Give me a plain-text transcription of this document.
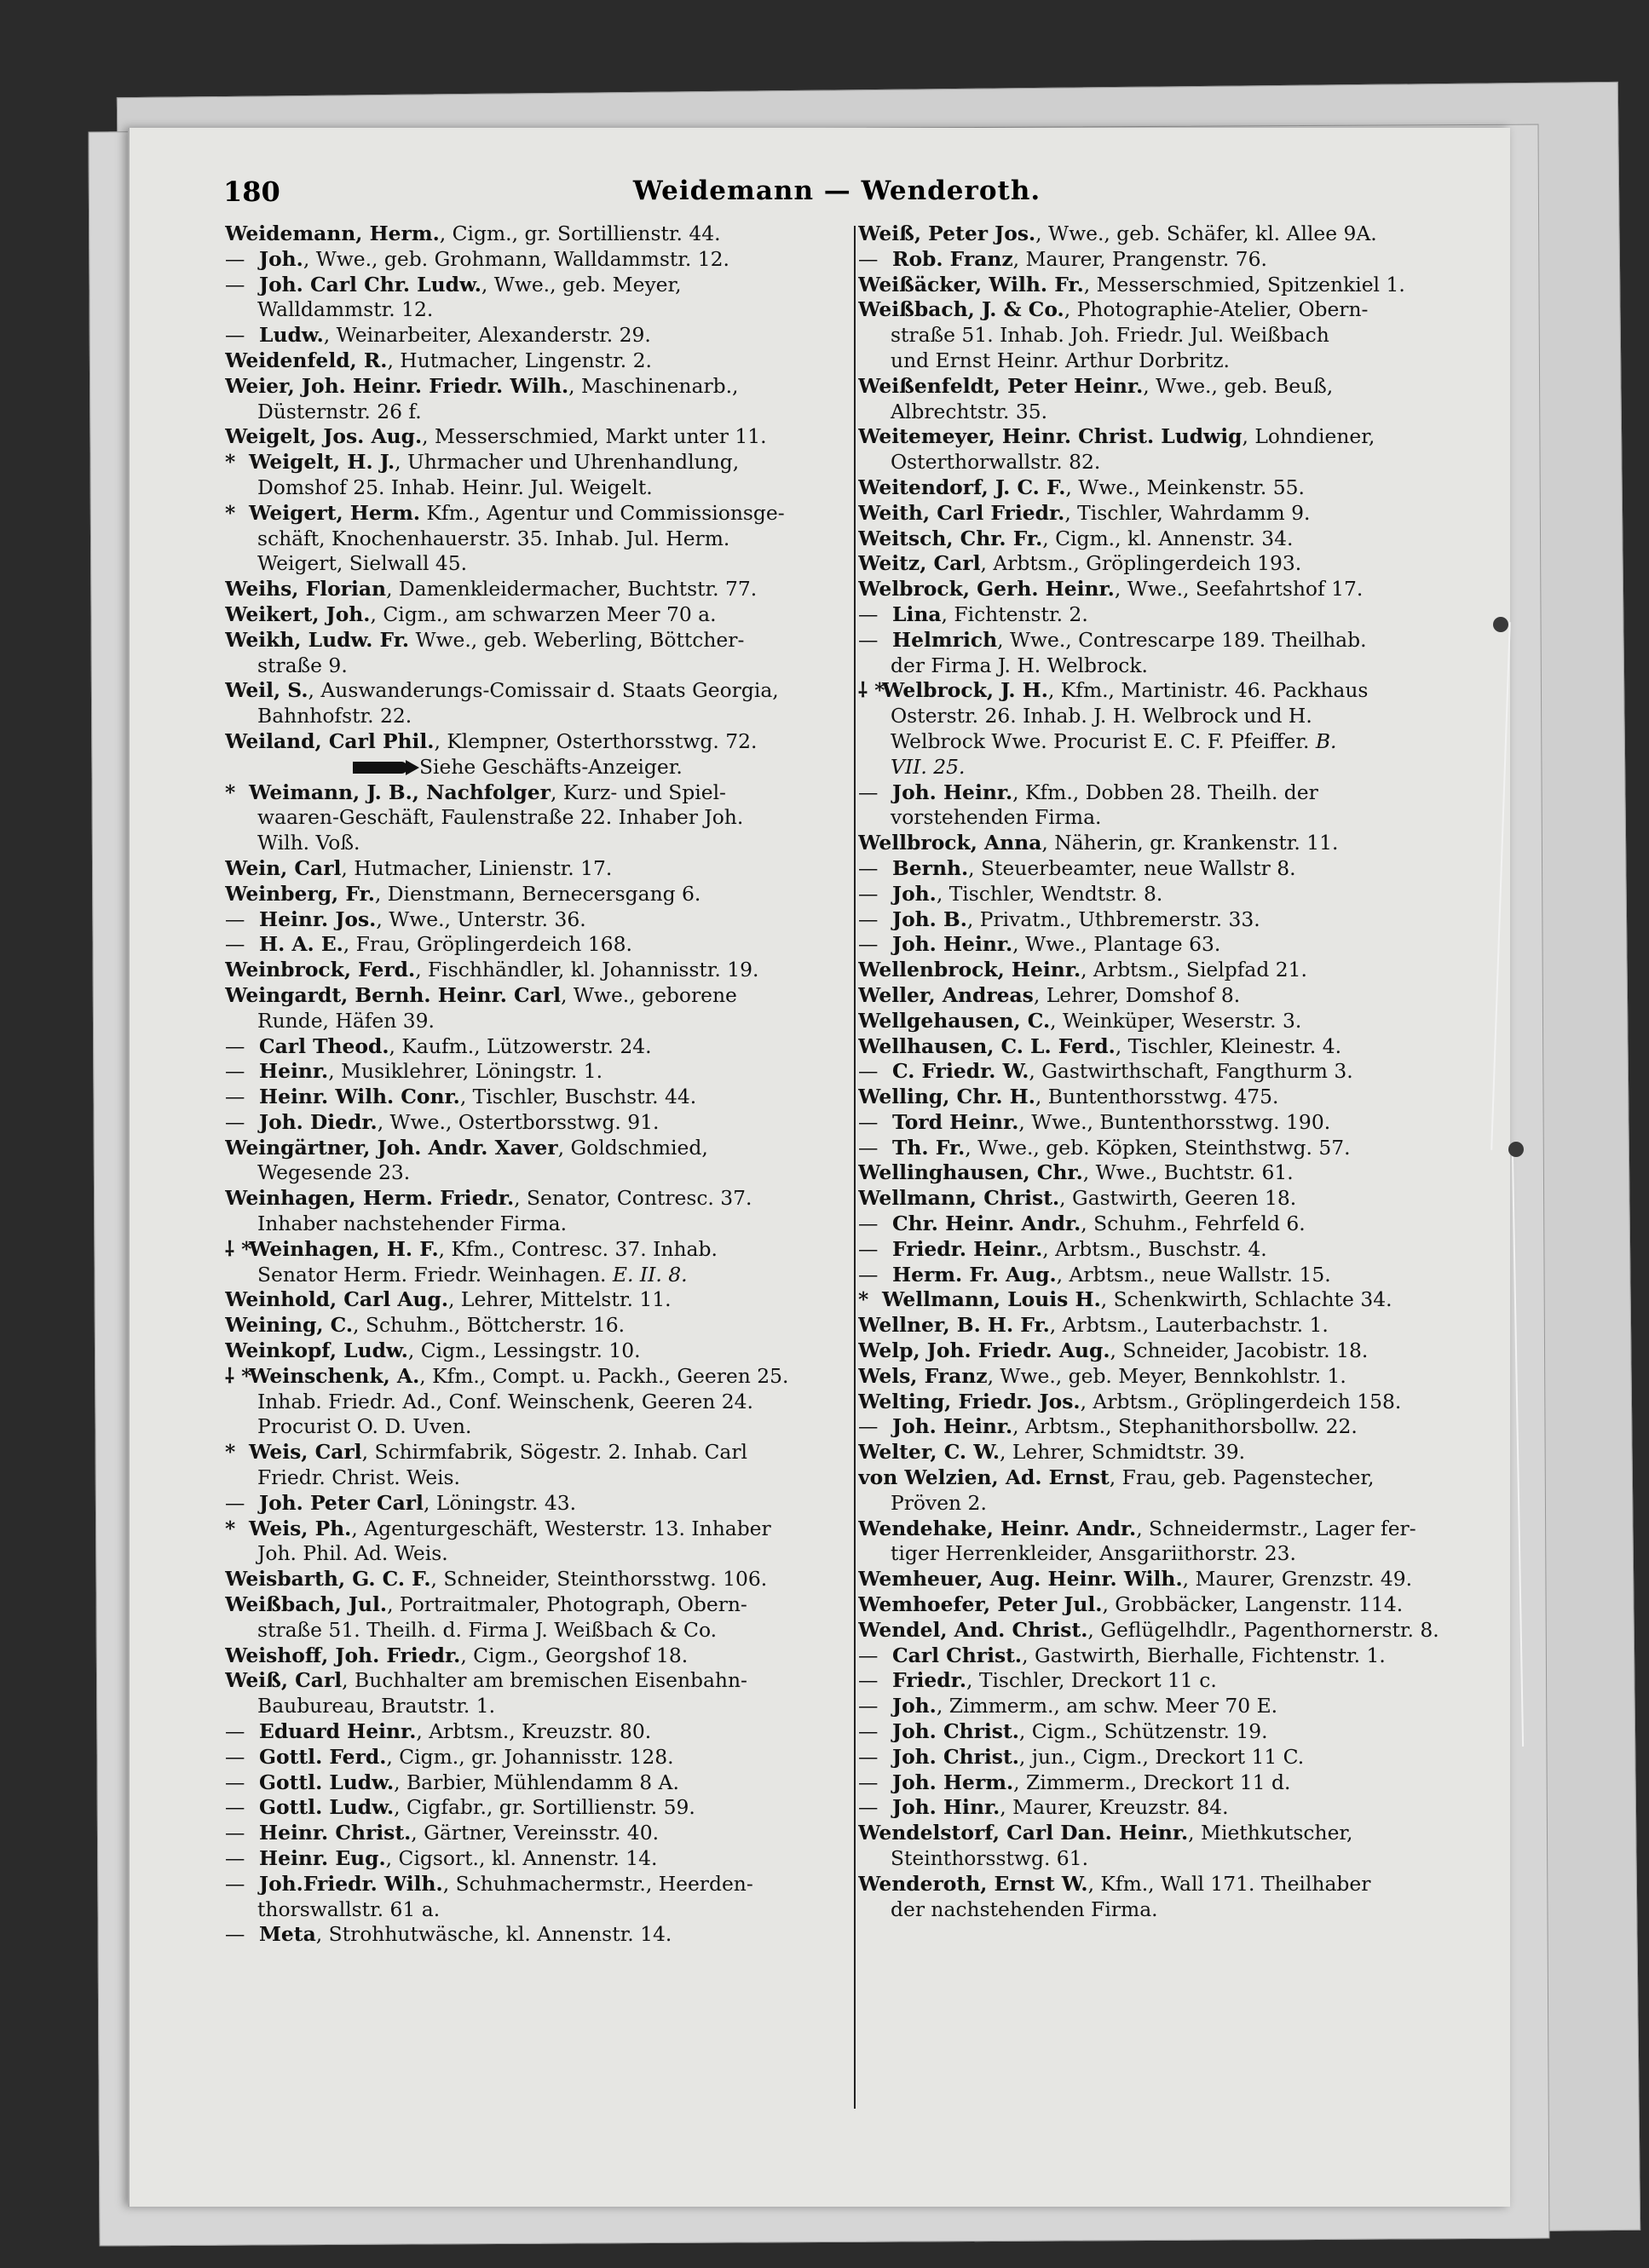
180	Weidemann — Wenderoth.
Weidemann, Herm., Cigm., gr. Sortillienstr. 44.
— Joh., Wwe., geb. Grohmann, Walldammstr. 12.
— Joh. Carl Chr. Ludw., Wwe., geb. Meyer,
Walldammstr. 12.
— Ludw., Weinarbeiter, Alexanderstr. 29.
Weidenfeld, R., Hutmacher, Lingenstr. 2.
Weier, Joh. Heinr. Friedr. Wilh., Maschinenarb.,
Düsternstr. 26 f.
Weigelt, Jos. Aug., Messerschmied, Markt unter 11.
* Weigelt, H. J., Uhrmacher und Uhrenhandlung,
Domshof 25. Inhab. Heinr. Jul. Weigelt.
* Weigert, Herm. Kfm., Agentur und Commissionsge-
schäft, Knochenhauerstr. 35. Inhab. Jul. Herm.
Weigert, Sielwall 45.
Weihs, Florian, Damenkleidermacher, Buchtstr. 77.
Weikert, Joh., Cigm., am schwarzen Meer 70 a.
Weikh, Ludw. Fr. Wwe., geb. Weberling, Böttcher-
straße 9.
Weil, S., Auswanderungs-Comissair d. Staats Georgia,
Bahnhofstr. 22.
Weiland, Carl Phil., Klempner, Osterthorsstwg. 72.
Siehe Geschäfts-Anzeiger.
* Weimann, J. B., Nachfolger, Kurz- und Spiel-
waaren-Geschäft, Faulenstraße 22. Inhaber Joh.
Wilh. Voß.
Wein, Carl, Hutmacher, Linienstr. 17.
Weinberg, Fr., Dienstmann, Bernecersgang 6.
— Heinr. Jos., Wwe., Unterstr. 36.
— H. A. E., Frau, Gröplingerdeich 168.
Weinbrock, Ferd., Fischhändler, kl. Johannisstr. 19.
Weingardt, Bernh. Heinr. Carl, Wwe., geborene
Runde, Häfen 39.
— Carl Theod., Kaufm., Lützowerstr. 24.
— Heinr., Musiklehrer, Löningstr. 1.
— Heinr. Wilh. Conr., Tischler, Buschstr. 44.
— Joh. Diedr., Wwe., Ostertborsstwg. 91.
Weingärtner, Joh. Andr. Xaver, Goldschmied,
Wegesende 23.
Weinhagen, Herm. Friedr., Senator, Contresc. 37.
Inhaber nachstehender Firma.
⸸ *Weinhagen, H. F., Kfm., Contresc. 37. Inhab.
Senator Herm. Friedr. Weinhagen. E. II. 8.
Weinhold, Carl Aug., Lehrer, Mittelstr. 11.
Weining, C., Schuhm., Böttcherstr. 16.
Weinkopf, Ludw., Cigm., Lessingstr. 10.
⸸ *Weinschenk, A., Kfm., Compt. u. Packh., Geeren 25.
Inhab. Friedr. Ad., Conf. Weinschenk, Geeren 24.
Procurist O. D. Uven.
* Weis, Carl, Schirmfabrik, Sögestr. 2. Inhab. Carl
Friedr. Christ. Weis.
— Joh. Peter Carl, Löningstr. 43.
* Weis, Ph., Agenturgeschäft, Westerstr. 13. Inhaber
Joh. Phil. Ad. Weis.
Weisbarth, G. C. F., Schneider, Steinthorsstwg. 106.
Weißbach, Jul., Portraitmaler, Photograph, Obern-
straße 51. Theilh. d. Firma J. Weißbach & Co.
Weishoff, Joh. Friedr., Cigm., Georgshof 18.
Weiß, Carl, Buchhalter am bremischen Eisenbahn-
Baubureau, Brautstr. 1.
— Eduard Heinr., Arbtsm., Kreuzstr. 80.
— Gottl. Ferd., Cigm., gr. Johannisstr. 128.
— Gottl. Ludw., Barbier, Mühlendamm 8 A.
— Gottl. Ludw., Cigfabr., gr. Sortillienstr. 59.
— Heinr. Christ., Gärtner, Vereinsstr. 40.
— Heinr. Eug., Cigsort., kl. Annenstr. 14.
— Joh.Friedr. Wilh., Schuhmachermstr., Heerden-
thorswallstr. 61 a.
— Meta, Strohhutwäsche, kl. Annenstr. 14.
Weiß, Peter Jos., Wwe., geb. Schäfer, kl. Allee 9A.
— Rob. Franz, Maurer, Prangenstr. 76.
Weißäcker, Wilh. Fr., Messerschmied, Spitzenkiel 1.
Weißbach, J. & Co., Photographie-Atelier, Obern-
straße 51. Inhab. Joh. Friedr. Jul. Weißbach
und Ernst Heinr. Arthur Dorbritz.
Weißenfeldt, Peter Heinr., Wwe., geb. Beuß,
Albrechtstr. 35.
Weitemeyer, Heinr. Christ. Ludwig, Lohndiener,
Osterthorwallstr. 82.
Weitendorf, J. C. F., Wwe., Meinkenstr. 55.
Weith, Carl Friedr., Tischler, Wahrdamm 9.
Weitsch, Chr. Fr., Cigm., kl. Annenstr. 34.
Weitz, Carl, Arbtsm., Gröplingerdeich 193.
Welbrock, Gerh. Heinr., Wwe., Seefahrtshof 17.
— Lina, Fichtenstr. 2.
— Helmrich, Wwe., Contrescarpe 189. Theilhab.
der Firma J. H. Welbrock.
⸸ *Welbrock, J. H., Kfm., Martinistr. 46. Packhaus
Osterstr. 26. Inhab. J. H. Welbrock und H.
Welbrock Wwe. Procurist E. C. F. Pfeiffer. B.
VII. 25.
— Joh. Heinr., Kfm., Dobben 28. Theilh. der
vorstehenden Firma.
Wellbrock, Anna, Näherin, gr. Krankenstr. 11.
— Bernh., Steuerbeamter, neue Wallstr 8.
— Joh., Tischler, Wendtstr. 8.
— Joh. B., Privatm., Uthbremerstr. 33.
— Joh. Heinr., Wwe., Plantage 63.
Wellenbrock, Heinr., Arbtsm., Sielpfad 21.
Weller, Andreas, Lehrer, Domshof 8.
Wellgehausen, C., Weinküper, Weserstr. 3.
Wellhausen, C. L. Ferd., Tischler, Kleinestr. 4.
— C. Friedr. W., Gastwirthschaft, Fangthurm 3.
Welling, Chr. H., Buntenthorsstwg. 475.
— Tord Heinr., Wwe., Buntenthorsstwg. 190.
— Th. Fr., Wwe., geb. Köpken, Steinthstwg. 57.
Wellinghausen, Chr., Wwe., Buchtstr. 61.
Wellmann, Christ., Gastwirth, Geeren 18.
— Chr. Heinr. Andr., Schuhm., Fehrfeld 6.
— Friedr. Heinr., Arbtsm., Buschstr. 4.
— Herm. Fr. Aug., Arbtsm., neue Wallstr. 15.
* Wellmann, Louis H., Schenkwirth, Schlachte 34.
Wellner, B. H. Fr., Arbtsm., Lauterbachstr. 1.
Welp, Joh. Friedr. Aug., Schneider, Jacobistr. 18.
Wels, Franz, Wwe., geb. Meyer, Bennkohlstr. 1.
Welting, Friedr. Jos., Arbtsm., Gröplingerdeich 158.
— Joh. Heinr., Arbtsm., Stephanithorsbollw. 22.
Welter, C. W., Lehrer, Schmidtstr. 39.
von Welzien, Ad. Ernst, Frau, geb. Pagenstecher,
Pröven 2.
Wendehake, Heinr. Andr., Schneidermstr., Lager fer-
tiger Herrenkleider, Ansgariithorstr. 23.
Wemheuer, Aug. Heinr. Wilh., Maurer, Grenzstr. 49.
Wemhoefer, Peter Jul., Grobbäcker, Langenstr. 114.
Wendel, And. Christ., Geflügelhdlr., Pagenthornerstr. 8.
— Carl Christ., Gastwirth, Bierhalle, Fichtenstr. 1.
— Friedr., Tischler, Dreckort 11 c.
— Joh., Zimmerm., am schw. Meer 70 E.
— Joh. Christ., Cigm., Schützenstr. 19.
— Joh. Christ., jun., Cigm., Dreckort 11 C.
— Joh. Herm., Zimmerm., Dreckort 11 d.
— Joh. Hinr., Maurer, Kreuzstr. 84.
Wendelstorf, Carl Dan. Heinr., Miethkutscher,
Steinthorsstwg. 61.
Wenderoth, Ernst W., Kfm., Wall 171. Theilhaber
der nachstehenden Firma.
